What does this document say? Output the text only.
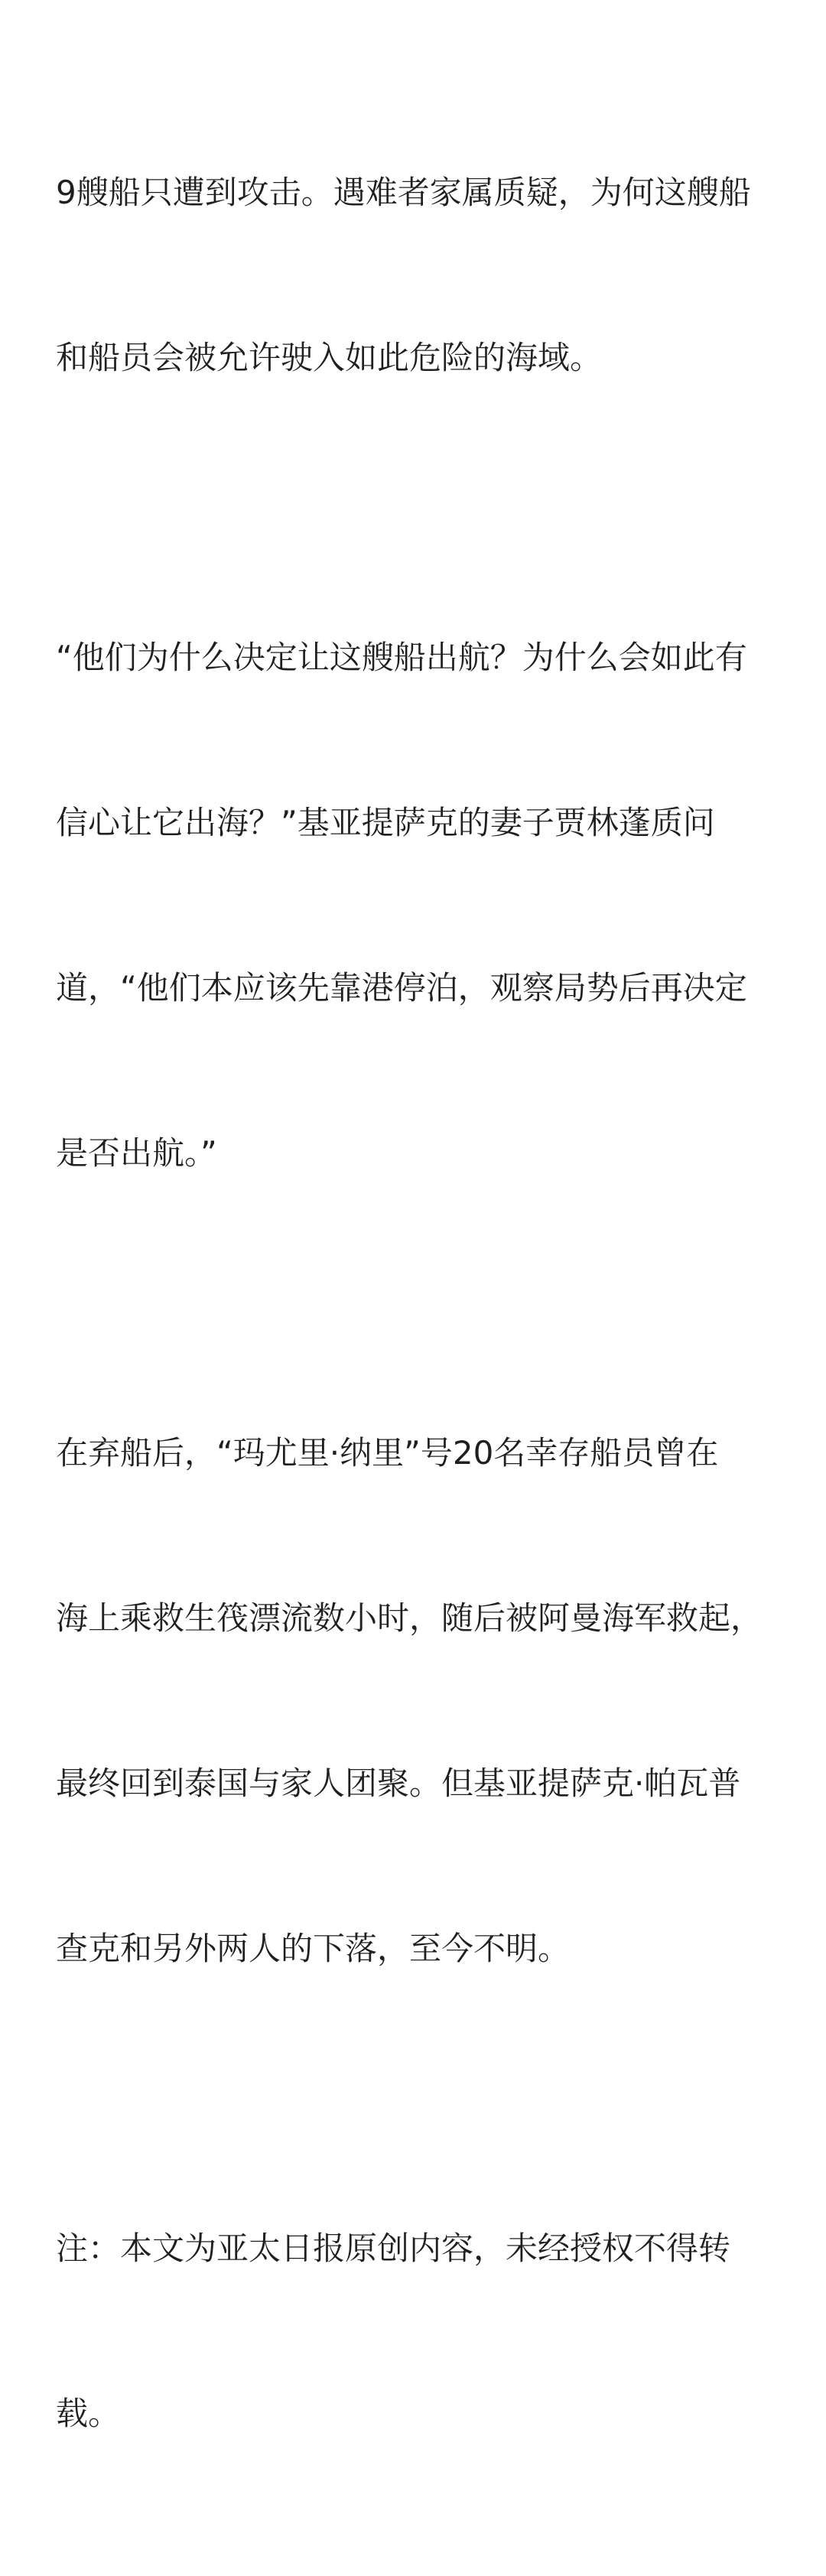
9艘船只遭到攻击。遇难者家属质疑，为何这艘船

和船员会被允许驶入如此危险的海域。

“他们为什么决定让这艘船出航？为什么会如此有

信心让它出海？”基亚提萨克的妻子贾林蓬质问

道，“他们本应该先靠港停泊，观察局势后再决定

是否出航。”

在弃船后，“玛尤里·纳里”号20名幸存船员曾在

海上乘救生筏漂流数小时，随后被阿曼海军救起，

最终回到泰国与家人团聚。但基亚提萨克·帕瓦普

查克和另外两人的下落，至今不明。

注：本文为亚太日报原创内容，未经授权不得转

载。
